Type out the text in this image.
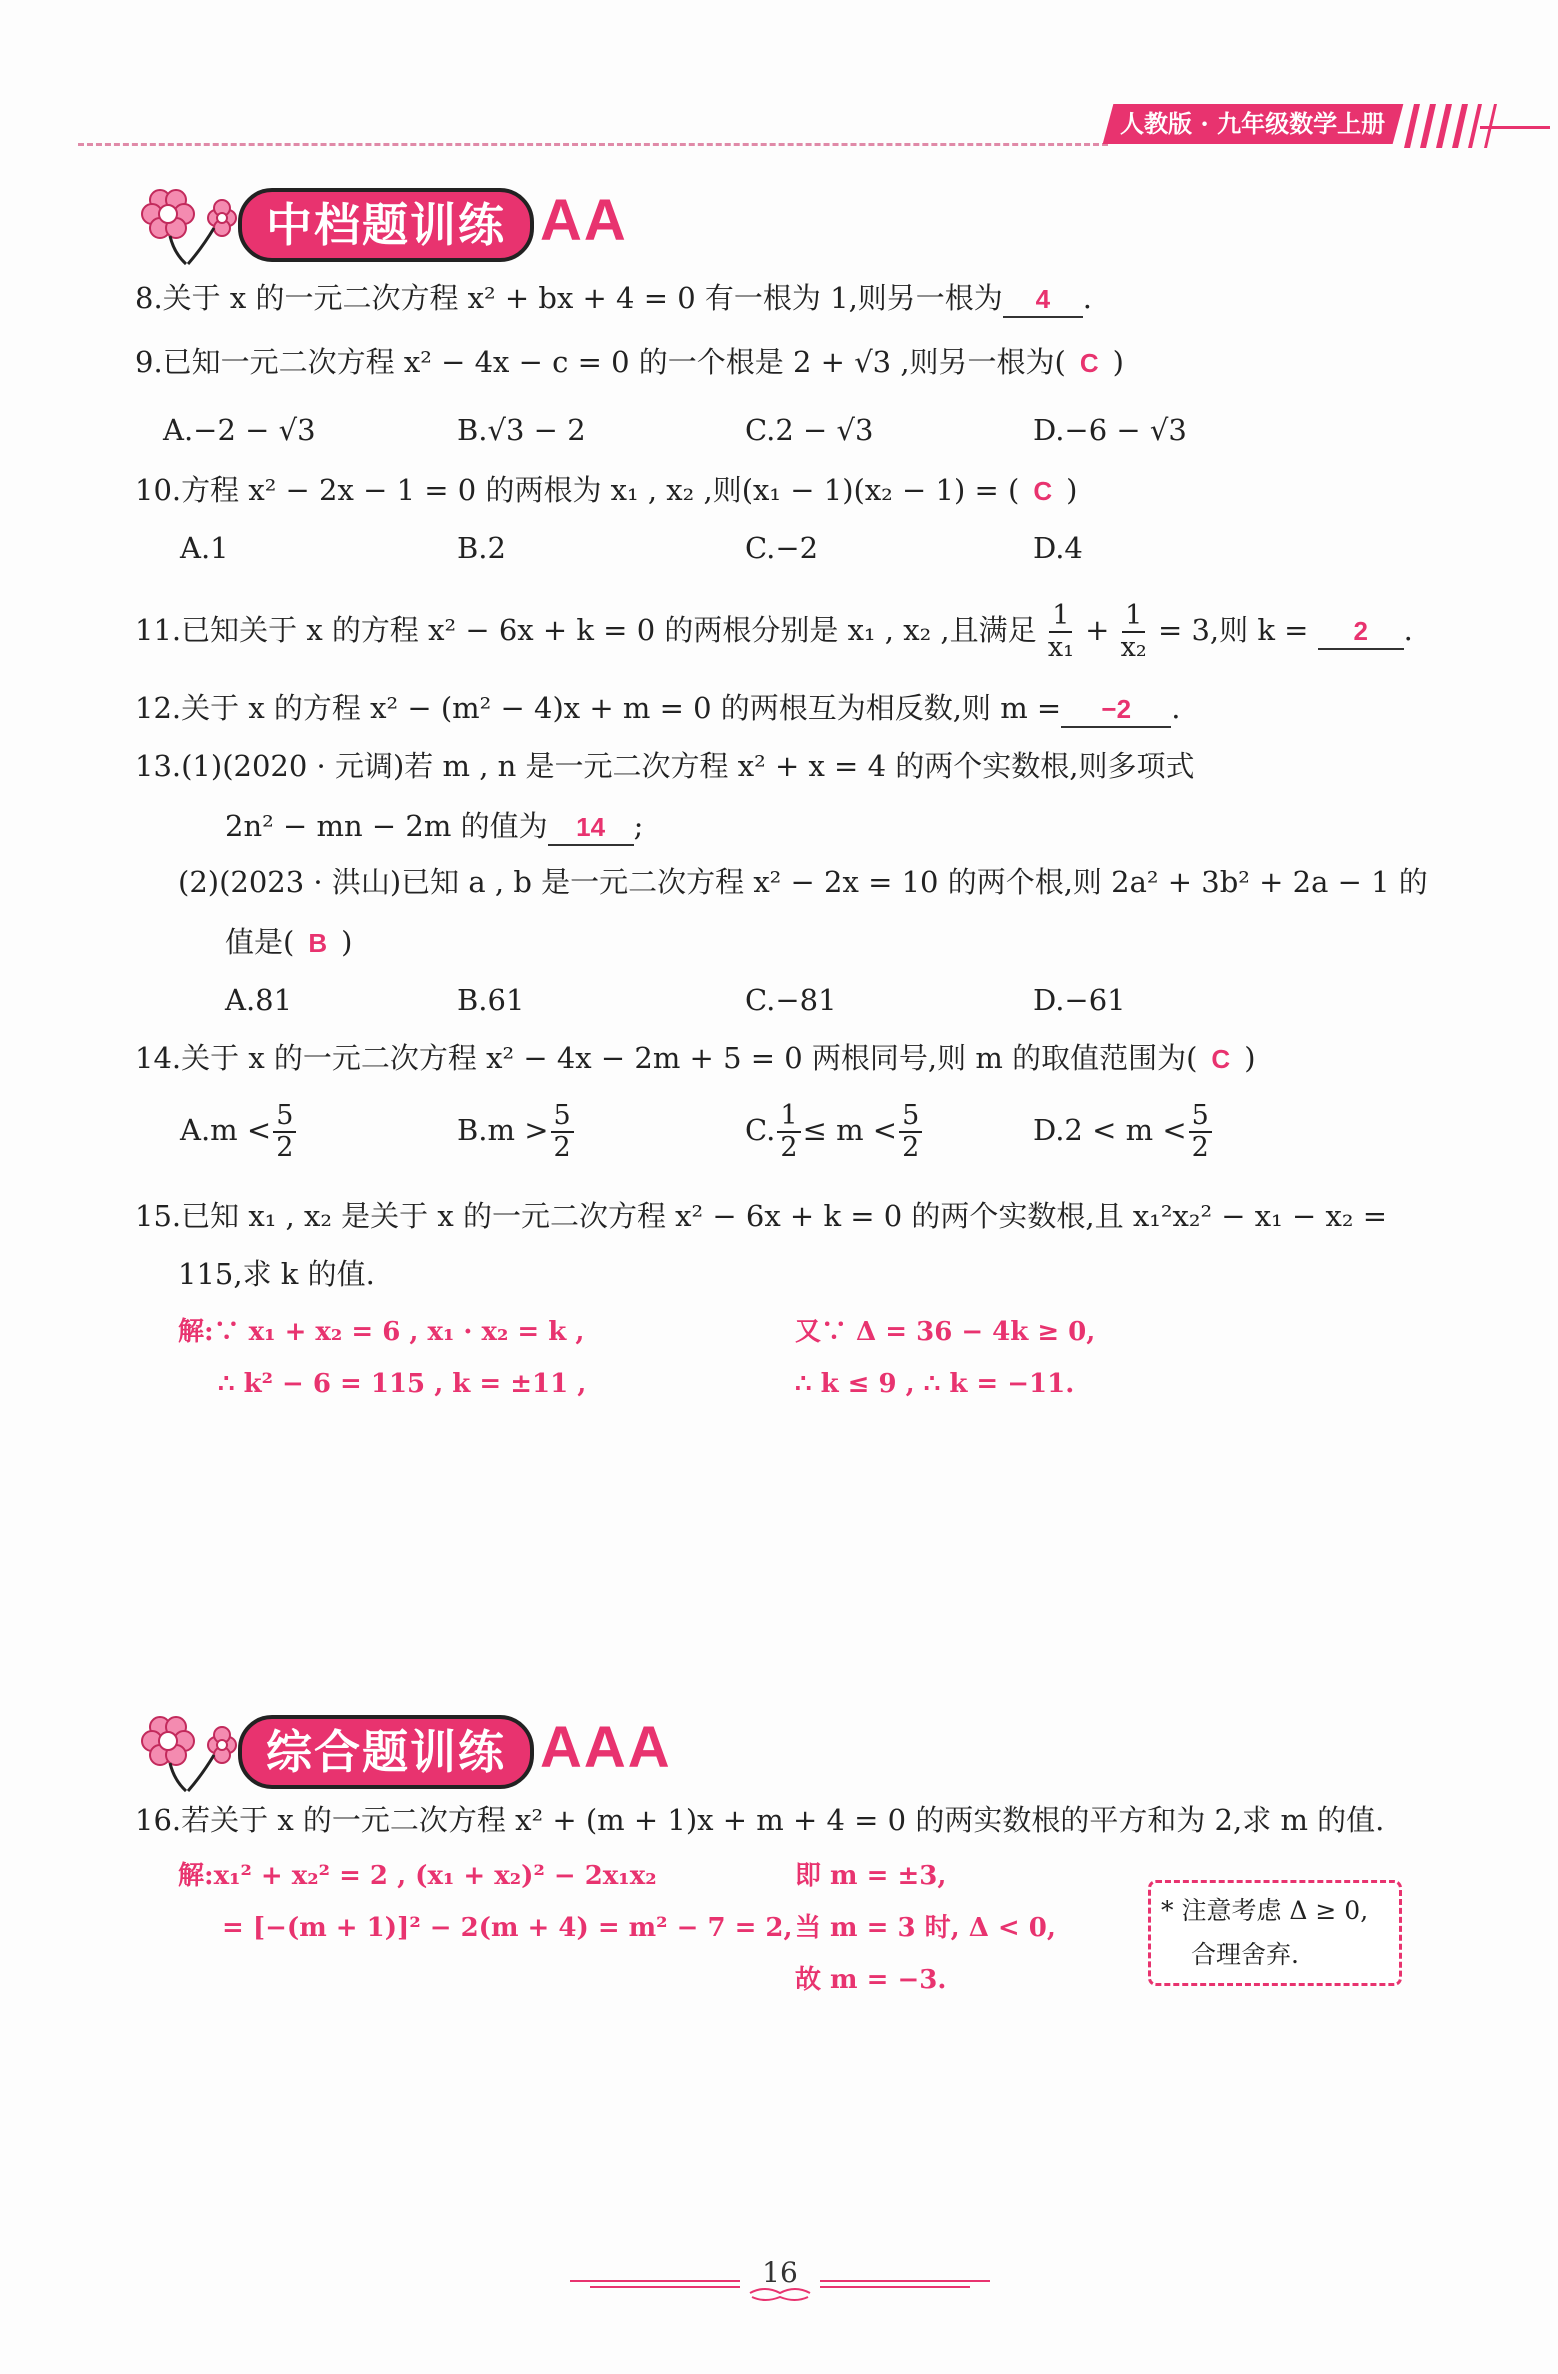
人教版 · 九年级数学上册
中档题训练 AA
8.关于 x 的一元二次方程 x² + bx + 4 = 0 有一根为 1,则另一根为 4 .
9.已知一元二次方程 x² − 4x − c = 0 的一个根是 2 + √3 ,则另一根为( C )
A.−2 − √3	B.√3 − 2	C.2 − √3	D.−6 − √3
10.方程 x² − 2x − 1 = 0 的两根为 x₁ , x₂ ,则(x₁ − 1)(x₂ − 1) = ( C )
A.1	B.2	C.−2	D.4
11.已知关于 x 的方程 x² − 6x + k = 0 的两根分别是 x₁ , x₂ ,且满足 $\frac{1}{\text{x₁}} + \frac{1}{\text{x₂}} = 3$,则 k = 2 .
12.关于 x 的方程 x² − (m² − 4)x + m = 0 的两根互为相反数,则 m = −2 .
13.(1)(2020 · 元调)若 m , n 是一元二次方程 x² + x = 4 的两个实数根,则多项式
2n² − mn − 2m 的值为 14 ;
(2)(2023 · 洪山)已知 a , b 是一元二次方程 x² − 2x = 10 的两个根,则 2a² + 3b² + 2a − 1 的
值是( B )
A.81	B.61	C.−81	D.−61
14.关于 x 的一元二次方程 x² − 4x − 2m + 5 = 0 两根同号,则 m 的取值范围为( C )
$A.m < \frac{5}{2}$	$B.m > \frac{5}{2}$	C. $\frac{1}{2} \le m < \frac{5}{2}$	$D.2 < m < \frac{5}{2}$
15.已知 x₁ , x₂ 是关于 x 的一元二次方程 x² − 6x + k = 0 的两个实数根,且 x₁²x₂² − x₁ − x₂ =
115,求 k 的值.
解:∵ x₁ + x₂ = 6 , x₁ · x₂ = k ,
∴ k² − 6 = 115 , k = ±11 ,
又∵ Δ = 36 − 4k ≥ 0,
∴ k ≤ 9 , ∴ k = −11.
综合题训练 AAA
16.若关于 x 的一元二次方程 x² + (m + 1)x + m + 4 = 0 的两实数根的平方和为 2,求 m 的值.
解:x₁² + x₂² = 2 , (x₁ + x₂)² − 2x₁x₂
= [−(m + 1)]² − 2(m + 4) = m² − 7 = 2,
即 m = ±3,
当 m = 3 时, Δ < 0,
故 m = −3.
* 注意考虑 Δ ≥ 0,
合理舍弃.
16
